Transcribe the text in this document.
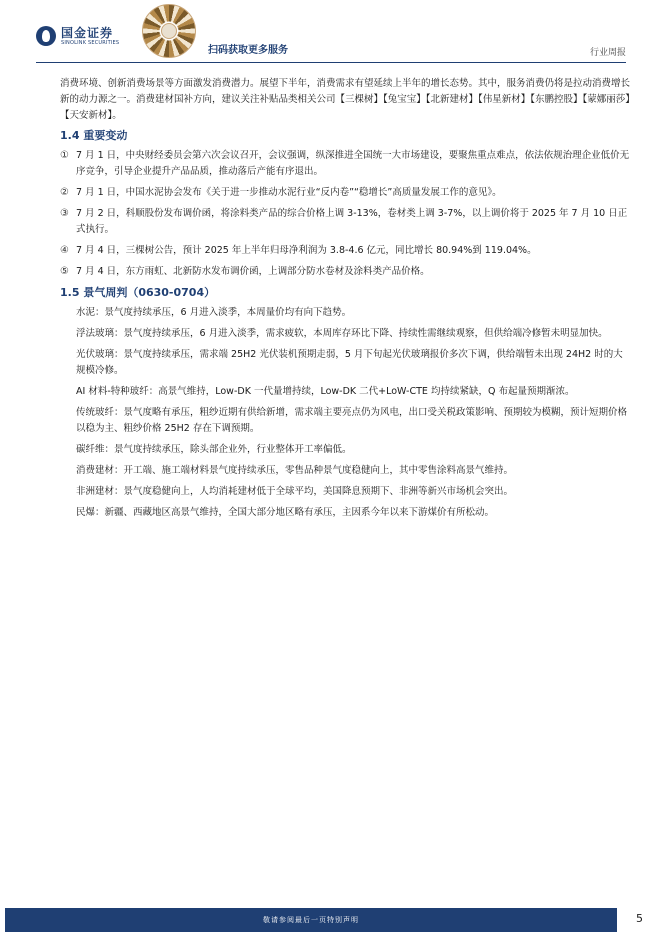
国金证券
SINOLINK SECURITIES
扫码获取更多服务	行业周报

消费环境、创新消费场景等方面激发消费潜力。展望下半年，消费需求有望延续上半年的增长态势。其中，服务消费仍将是拉动消费增长新的动力源之一。消费建材国补方向，建议关注补贴品类相关公司【三棵树】【兔宝宝】【北新建材】【伟星新材】【东鹏控股】【蒙娜丽莎】【天安新材】。

1.4 重要变动
① 7 月 1 日，中央财经委员会第六次会议召开，会议强调，纵深推进全国统一大市场建设，要聚焦重点难点，依法依规治理企业低价无序竞争，引导企业提升产品品质，推动落后产能有序退出。
② 7 月 1 日，中国水泥协会发布《关于进一步推动水泥行业“反内卷”“稳增长”高质量发展工作的意见》。
③ 7 月 2 日，科顺股份发布调价函，将涂料类产品的综合价格上调 3-13%，卷材类上调 3-7%，以上调价将于 2025 年 7 月 10 日正式执行。
④ 7 月 4 日，三棵树公告，预计 2025 年上半年归母净利润为 3.8-4.6 亿元，同比增长 80.94%到 119.04%。
⑤ 7 月 4 日，东方雨虹、北新防水发布调价函，上调部分防水卷材及涂料类产品价格。
1.5 景气周判（0630-0704）
水泥：景气度持续承压，6 月进入淡季，本周量价均有向下趋势。
浮法玻璃：景气度持续承压，6 月进入淡季，需求疲软，本周库存环比下降、持续性需继续观察，但供给端冷修暂未明显加快。
光伏玻璃：景气度持续承压，需求端 25H2 光伏装机预期走弱，5 月下旬起光伏玻璃报价多次下调，供给端暂未出现 24H2 时的大规模冷修。
AI 材料-特种玻纤：高景气维持，Low-DK 一代量增持续，Low-DK 二代+LoW-CTE 均持续紧缺，Q 布起量预期渐浓。
传统玻纤：景气度略有承压，粗纱近期有供给新增，需求端主要亮点仍为风电，出口受关税政策影响、预期较为模糊，预计短期价格以稳为主、粗纱价格 25H2 存在下调预期。
碳纤维：景气度持续承压，除头部企业外，行业整体开工率偏低。
消费建材：开工端、施工端材料景气度持续承压，零售品种景气度稳健向上，其中零售涂料高景气维持。
非洲建材：景气度稳健向上，人均消耗建材低于全球平均，美国降息预期下、非洲等新兴市场机会突出。
民爆：新疆、西藏地区高景气维持，全国大部分地区略有承压，主因系今年以来下游煤价有所松动。
敬请参阅最后一页特别声明	5
